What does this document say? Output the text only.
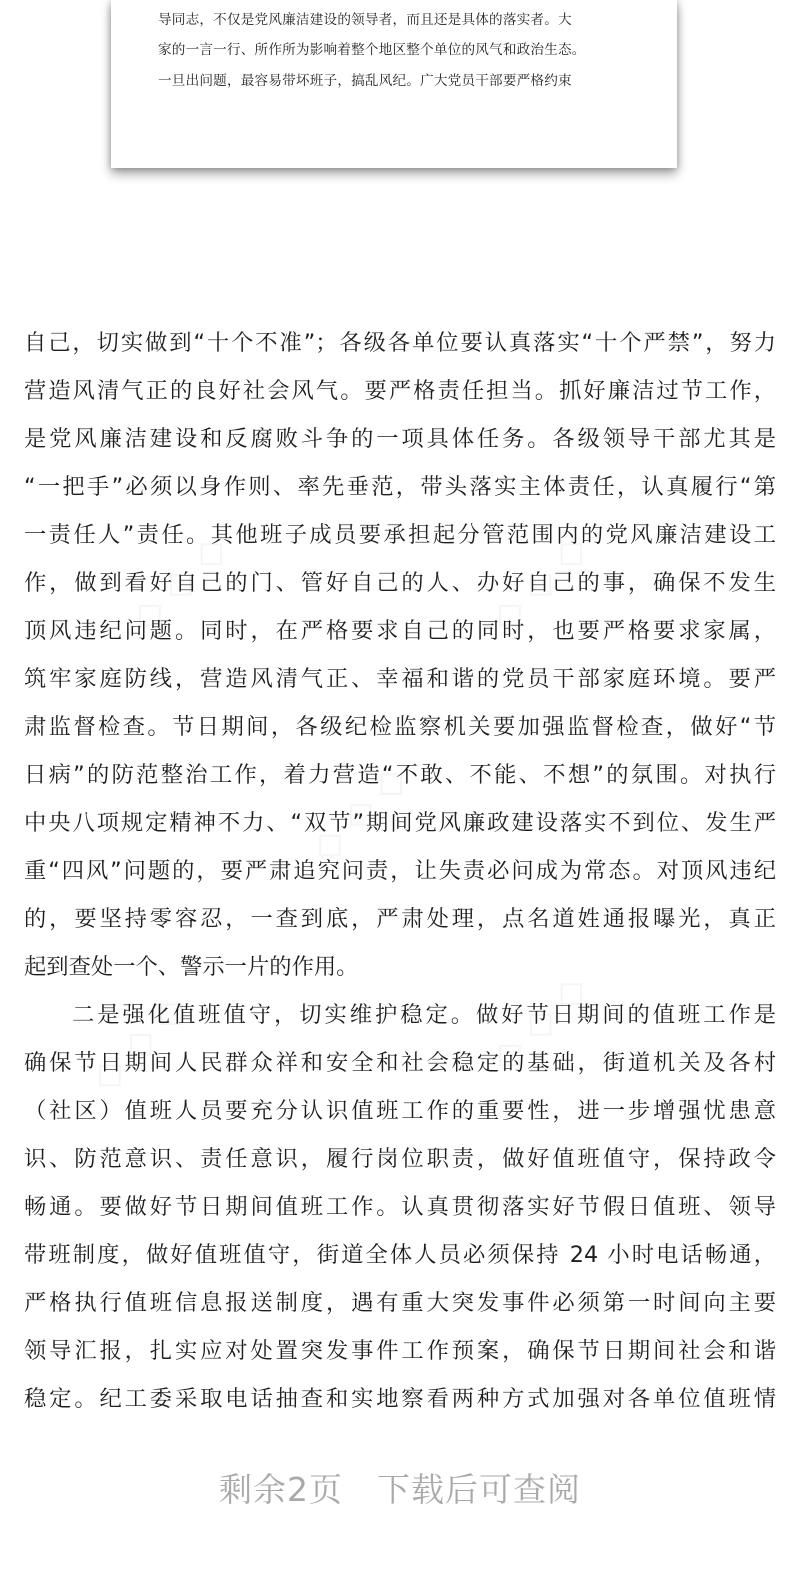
导同志，不仅是党风廉洁建设的领导者，而且还是具体的落实者。大
家的一言一行、所作所为影响着整个地区整个单位的风气和政治生态。
一旦出问题，最容易带坏班子，搞乱风纪。广大党员干部要严格约束
自己，切实做到“十个不准”；各级各单位要认真落实“十个严禁”，努力
营造风清气正的良好社会风气。要严格责任担当。抓好廉洁过节工作，
是党风廉洁建设和反腐败斗争的一项具体任务。各级领导干部尤其是
“一把手”必须以身作则、率先垂范，带头落实主体责任，认真履行“第
一责任人”责任。其他班子成员要承担起分管范围内的党风廉洁建设工
作，做到看好自己的门、管好自己的人、办好自己的事，确保不发生
顶风违纪问题。同时，在严格要求自己的同时，也要严格要求家属，
筑牢家庭防线，营造风清气正、幸福和谐的党员干部家庭环境。要严
肃监督检查。节日期间，各级纪检监察机关要加强监督检查，做好“节
日病”的防范整治工作，着力营造“不敢、不能、不想”的氛围。对执行
中央八项规定精神不力、“双节”期间党风廉政建设落实不到位、发生严
重“四风”问题的，要严肃追究问责，让失责必问成为常态。对顶风违纪
的，要坚持零容忍，一查到底，严肃处理，点名道姓通报曝光，真正
起到查处一个、警示一片的作用。
二是强化值班值守，切实维护稳定。做好节日期间的值班工作是
确保节日期间人民群众祥和安全和社会稳定的基础，街道机关及各村
（社区）值班人员要充分认识值班工作的重要性，进一步增强忧患意
识、防范意识、责任意识，履行岗位职责，做好值班值守，保持政令
畅通。要做好节日期间值班工作。认真贯彻落实好节假日值班、领导
带班制度，做好值班值守，街道全体人员必须保持 24 小时电话畅通，
严格执行值班信息报送制度，遇有重大突发事件必须第一时间向主要
领导汇报，扎实应对处置突发事件工作预案，确保节日期间社会和谐
稳定。纪工委采取电话抽查和实地察看两种方式加强对各单位值班情
剩余2页 下载后可查阅
